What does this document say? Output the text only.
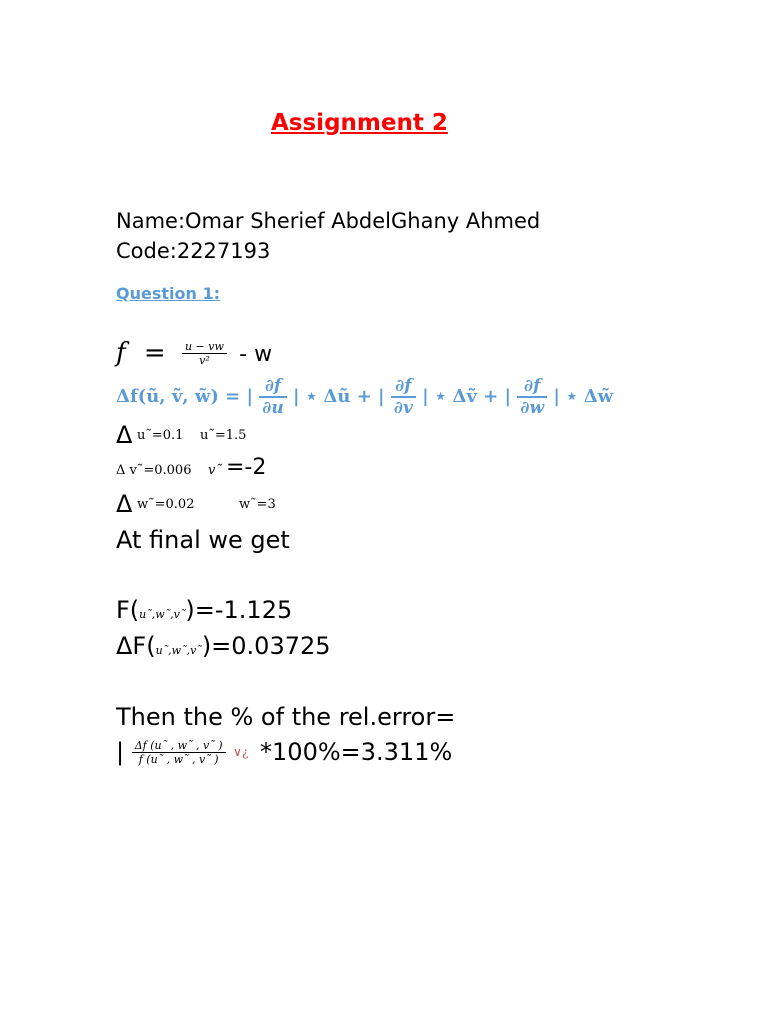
Assignment 2
Name:Omar Sherief AbdelGhany Ahmed
Code:2227193
Question 1:
$f = \frac{u - vw}{\text{v²}} - w$
Δf(ũ, ṽ, w̃) = | $\frac{\partial f}{\partial u}$ | ⋆ Δũ + | $\frac{\partial f}{\partial v}$ | ⋆ Δṽ + | $\frac{\partial f}{\partial w}$ | ⋆ Δw̃
Δ u˜=0.1 u˜=1.5
Δ v˜=0.006 v˜ =-2
Δ w˜=0.02	w˜=3
At final we get
F(u˜,w˜,v˜)=-1.125
ΔF(u˜,w˜,v˜)=0.03725
Then the % of the rel.error=
| $\frac{\Delta f (u˜ , w˜ , v˜ )}{f (u˜ , w˜ , v˜ )}$ ∨¿ *100%=3.311%
